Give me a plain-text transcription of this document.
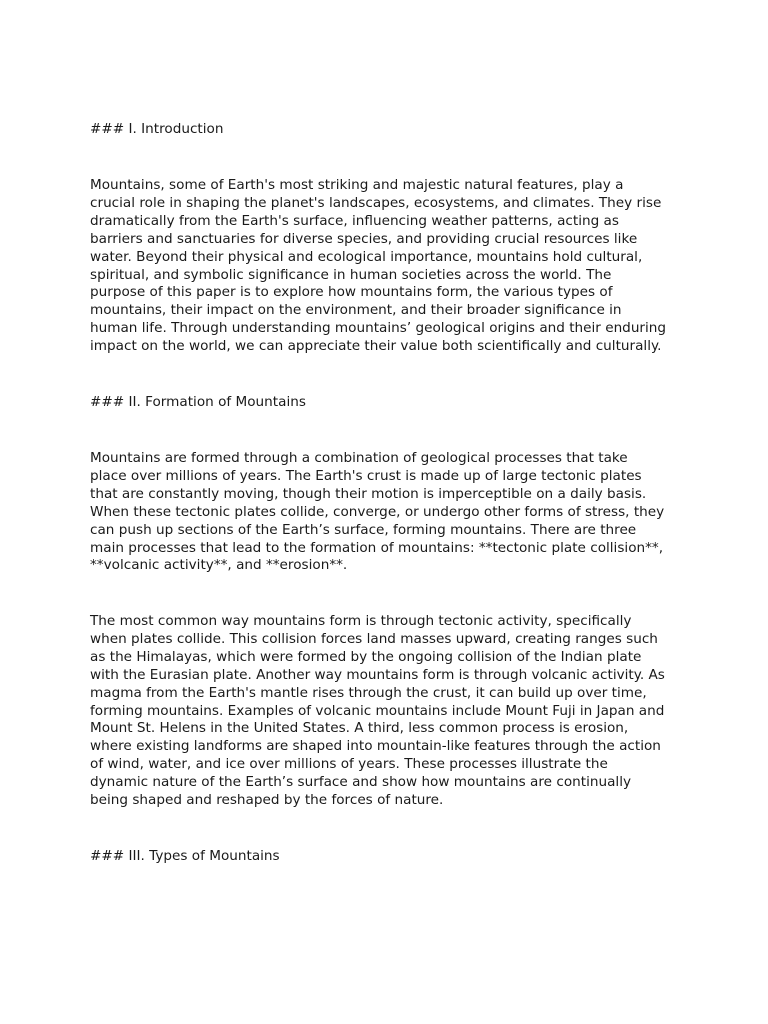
### I. Introduction
Mountains, some of Earth's most striking and majestic natural features, play a
crucial role in shaping the planet's landscapes, ecosystems, and climates. They rise
dramatically from the Earth's surface, influencing weather patterns, acting as
barriers and sanctuaries for diverse species, and providing crucial resources like
water. Beyond their physical and ecological importance, mountains hold cultural,
spiritual, and symbolic significance in human societies across the world. The
purpose of this paper is to explore how mountains form, the various types of
mountains, their impact on the environment, and their broader significance in
human life. Through understanding mountains’ geological origins and their enduring
impact on the world, we can appreciate their value both scientifically and culturally.
### II. Formation of Mountains
Mountains are formed through a combination of geological processes that take
place over millions of years. The Earth's crust is made up of large tectonic plates
that are constantly moving, though their motion is imperceptible on a daily basis.
When these tectonic plates collide, converge, or undergo other forms of stress, they
can push up sections of the Earth’s surface, forming mountains. There are three
main processes that lead to the formation of mountains: **tectonic plate collision**,
**volcanic activity**, and **erosion**.
The most common way mountains form is through tectonic activity, specifically
when plates collide. This collision forces land masses upward, creating ranges such
as the Himalayas, which were formed by the ongoing collision of the Indian plate
with the Eurasian plate. Another way mountains form is through volcanic activity. As
magma from the Earth's mantle rises through the crust, it can build up over time,
forming mountains. Examples of volcanic mountains include Mount Fuji in Japan and
Mount St. Helens in the United States. A third, less common process is erosion,
where existing landforms are shaped into mountain-like features through the action
of wind, water, and ice over millions of years. These processes illustrate the
dynamic nature of the Earth’s surface and show how mountains are continually
being shaped and reshaped by the forces of nature.
### III. Types of Mountains
